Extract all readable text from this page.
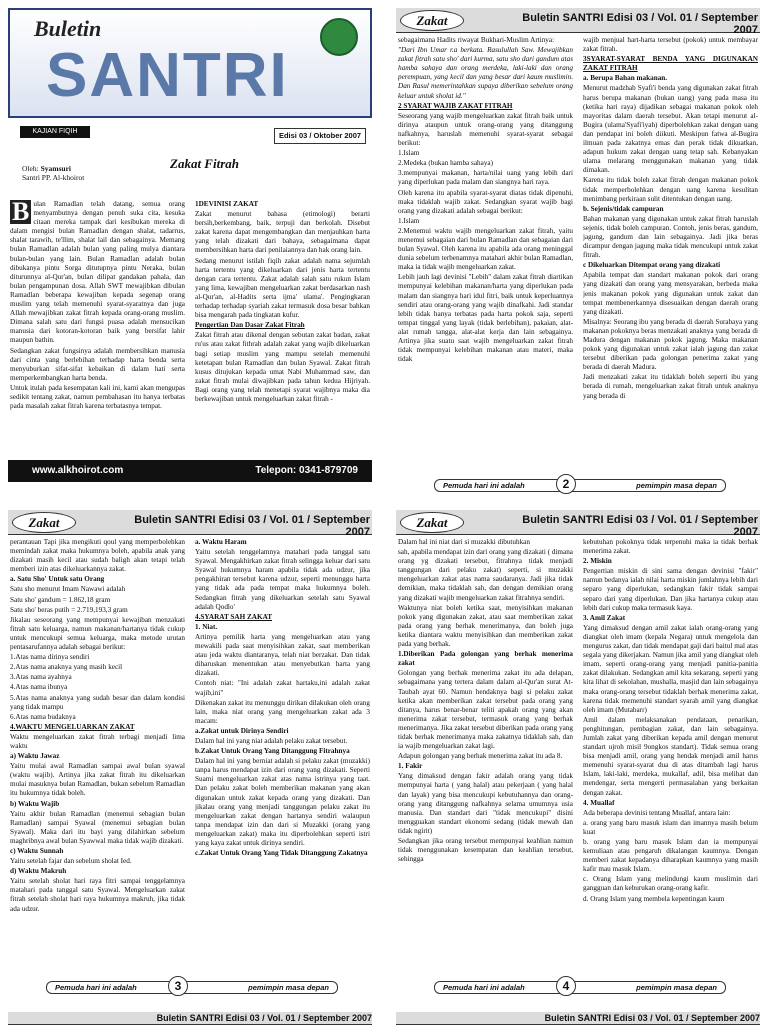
Buletin
SANTRI
KAJIAN FIQIH	Edisi 03 / Oktober 2007
Oleh: Syamsuri
Santri PP. Al-khoirot
Zakat Fitrah

B ulan Ramadlan telah datang, semua orang menyambutnya dengan penuh suka cita, kesuka citaan mereka tampak dari kesibukan mereka di dalam mengisi bulan Ramadlan dengan shalat, tadarrus, shalat tarawih, te'llim, shalat lail dan sebagainya. Memang bulan Ramadlan adalah bulan yang paling mulya diantara bulan-bulan yang lain. Bulan Ramadlan adalah bulan dibukanya pintu Sorga ditutupnya pintu Neraka, bulan diturunnya al-Qur'an, bulan dilipat gandakan pahala, dan bulan pengampunan dosa. Allah SWT mewajibkan dibulan Ramadlan beberapa kewajiban kepada segenap orang muslim yang telah memenuhi syarat-syaratnya dan juga Allah mewajibkan zakat fitrah kepada orang-orang muslim. Dimana salah satu dari fungsi puasa adalah mensucikan manusia dari kotoran-kotoran baik yang bersifat lahir maupun bathin.

Sedangkan zakat fungsinya adalah membersihkan manusia dari cinta yang berlebihan terhadap harta benda serta menyuburkan sifat-sifat kebaikan di dalam hati serta memperkembangkan harta benda.

Untuk itulah pada kesempatan kali ini, kami akan mengupas sedikit tentang zakat, namun pembahasan itu hanya terbatas pada masalah zakat fitrah karena terbatasnya tempat.

1DEVINISI ZAKAT

Zakat menurut bahasa (etimologi) berarti bersih,berkembang, baik, terpuji dan berkolah. Disebut zakat karena dapat mengembangkan dan menjauhkan harta yang telah dizakati dari bahaya, sebagaimana dapat membersihkan harta dari penilaiannya dan hak orang lain.

Sedang menurut istilah fiqih zakat adalah nama sejumlah harta tertentu yang dikeluarkan dari jenis harta tertentu dengan cara tertentu. Zakat adalah salah satu rukun Islam yang lima, kewajiban mengeluarkan zakat berdasarkan nash al-Qur'an, al-Hadits serta ijma' ulama'. Pengingkaran terhadap terhadap syariah zakat termasuk dosa besar bahkan bisa mengarah pada tingkatan kufur.

Pengertian Dan Dasar Zakat Fitrah

Zakat fitrah atau dikenal dengan sebutan zakat badan, zakat ru'us atau zakat fithrah adalah zakat yang wajib dikeluarkan bagi setiap muslim yang mampu setelah memenuhi ketetapan bulan Ramadlan dan bulan Syawal. Zakat fitrah kusus ditujukan kepada umat Nabi Muhammad saw, dan zakat fitrah mulai diwajibkan pada tahun kedua Hijriyah. Bagi orang yang telah menetapi syarat wajibnya maka dia berkewajiban untuk mengeluarkan zakat fitrah -

www.alkhoirot.com	Telepon: 0341-879709
Zakat	Buletin SANTRI Edisi 03 / Vol. 01 / September 2007

sebagaimana Hadits riwayat Bukhari-Muslim Artinya:

"Dari Ibn Umar r.a berkata. Rasulullah Saw. Mewajibkan zakat fitrah satu sho' dari kurma, satu sho dari gandum atas hamba sahaya dan orang merdeka, laki-laki dan orang perempuan, yang kecil dan yang besar dari kaum muslimin. Dan Rasul memerintahkan supaya diberikan sebelum orang keluar untuk sholat id."

2 SYARAT WAJIB ZAKAT FITRAH

Seseorang yang wajib mengeluarkan zakat fitrah baik untuk dirinya ataupun untuk orang-orang yang ditanggung nafkahnya, haruslah memenuhi syarat-syarat sebagai berikut:

1.Islam

2.Medeka (bukan hamba sahaya)

3.mempunyai makanan, harta/nilai uang yang lebih dari yang diperlukan pada malam dan siangnya hari raya.

Oleh karena itu apabila syarat-syarat diatas tidak dipenuhi, maka tidaklah wajib zakat. Sedangkan syarat wajib bagi orang yang dizakati adalah sebagai berikut:

1.Islam

2.Menemui waktu wajib mengeluarkan zakat fitrah, yaitu menemui sebagaian dari bulan Ramadlan dan sebagaian dari bulan Syawal. Oleh karena itu apabila ada orang meninggal dunia sebelum terbenamnya matahari akhir bulan Ramadlan, maka ia tidak wajib mengeluarkan zakat.

Lebih jauh lagi devinisi "Lebih" dalam zakat fitrah diartikan mempunyai kelebihan makanan/harta yang diperlukan pada malam dan siangnya hari idul fitri, baik untuk keperluannya sendiri atau orang-orang yang wajib dinafkahi. Jadi standar lebih tidak hanya terbatas pada harta pokok saja, seperti tempat tinggal yang layak (tidak berlebihan), pakaian, alat-alat rumah tangga, alat-alat kerja dan lain sebagainya. Artinya jika suatu saat wajib mengeluarkan zakat fitrah tidak mempunyai kelebihan makanan atau materi, maka tidak

wajib menjual hart-harta tersebut (pokok) untuk membayar zakat fitrah.

3SYARAT-SYARAT BENDA YANG DIGUNAKAN ZAKAT FITRAH

a. Berupa Bahan makanan.

Menurut madzhab Syafi'i benda yang digunakan zakat fitrah harus berupa makanan (bukan uang) yang pada masa itu (ketika hari raya) dijadikan sebagai makanan pokok oleh mayoritas dalam daerah tersebut. Akan tetapi menurut al-Bugira (ulama'Syafi'iyah) diperbolehkan zakat dengan uang dan pendapat ini boleh diikuti. Meskipun fatwa al-Bugira ilmuan pada zakatnya emas dan perak tidak dikuatkan, adapun hukum zakat dengan uang tetap sah. Kebanyakan ulama melarang menggunakan makanan yang tidak dimakan.

Karena itu tidak boleh zakat fitrah dengan makanan pokok tidak memperbolehkan dengan uang karena kesulitan menimbang perkiraan sulit ditentukan dengan uang.

b. Sejenis/tidak campuran

Bahan makanan yang digunakan untuk zakat fitrah haruslah sejenis, tidak boleh campuran. Contoh, jenis beras, gandum, jagung, gandum dan lain sebagainya. Jadi jika beras dicampur dengan jagung maka tidak mencukupi untuk zakat fitrah.

c Dikeluarkan Ditempat orang yang dizakati

Apabila tempat dan standart makanan pokok dari orang yang dizakati dan orang yang mensyarakan, berbeda maka jenis makanan pokok yang digunakan untuk zakat dan tempat membenerkannya disesuaikan dengan daerah orang yang dizakati.

Misalnya: Seorang ibu yang berada di daerah Surabaya yang makanan pokoknya beras menzakati anaknya yang berada di Madura dengan makanan pokok jagung. Maka makanan pokok yang digunakan untuk zakat ialah jagung dan zakat tersebut diberikan pada golongan penerima zakat yang berada di daerah Madura.

Jadi menzakati zakat itu tidaklah boleh seperti ibu yang berada di rumah, mengeluarkan zakat fitrah untuk anaknya yang berada di

Pemuda hari ini adalah	pemimpin masa depan
2
Zakat	Buletin SANTRI Edisi 03 / Vol. 01 / September 2007

perantauan Tapi jika mengikuti qoul yang memperbolehkan memindah zakat maka hukumnya boleh, apabila anak yang dizakati masih kecil atau sudah baligh akan tetapi telah memberi izin atas dikeluarkannya zakat.

a. Satu Sho' Untuk satu Orang

Satu sho menurut Imam Nawawi adalah

Satu sho' gandum = 1.862,18 gram

Satu sho' beras putih = 2.719,193,3 gram

Jikalau seseorang yang mempunyai kewajiban menzakati fitrah satu keluarga, namun makanan/hartanya tidak cukup untuk mencukupi semua keluarga, maka metode urutan pentasarufannya adalah sebagai berikut:

1.Atas nama dirinya sendiri

2.Atas nama anaknya yang masih kecil

3.Atas nama ayahnya

4.Atas nama ibunya

5.Atas nama anaknya yang sudah besar dan dalam kondisi yang tidak mampu

6.Atas nama budaknya

4.WAKTU MENGELUARKAN ZAKAT

Waktu mengeluarkan zakat fitrah terbagi menjadi lima waktu

a) Waktu Jawaz

Yaitu mulai awal Ramadlan sampai awal bulan syawal (waktu wajib). Artinya jika zakat fitrah itu dikeluarkan mulai masuknya bulan Ramadlan, bukan sebelum Ramadlan itu hukumnya tidak boleh.

b) Waktu Wajib

Yaitu akhir bulan Ramadlan (menemui sebagian bulan Ramadlan) sampai Syawal (menemui sebagian bulan Syawal). Maka dari itu bayi yang dilahirkan sebelum maghribnya awal bulan Syawwal maka tidak wajib dizakati.

c) Waktu Sunnah

Yaitu setelah fajar dan sebelum sholat Ied.

d) Waktu Makruh

Yaitu setelah sholat hari raya fitri sampai tenggelamnya matahari pada tanggal satu Syawal. Mengeluarkan zakat fitrah setelah sholat hari raya hukumnya makruh, jika tidak ada udzur.

a. Waktu Haram

Yaitu setelah tenggelamnya matahari pada tanggal satu Syawal. Mengakhirkan zakat fitrah selingga keluar dari satu Syawal hukumnya haram apabila tidak ada udzur, jika pengakhiran tersebut karena udzur, seperti menunggu harta yang tidak ada pada tempat maka hukumnya boleh. Sedangkan fitrah yang dikeluarkan setelah satu Syawal adalah Qodlo'

4.SYARAT SAH ZAKAT

1. Niat.

Artinya pemilik harta yang mengeluarkan atau yang mewakili pada saat menyisihkan zakat, saat memberikan atau jeda waktu diantaranya, telah niat berzakat. Dan tidak diharuskan menentukan atau menyebutkan harta yang dizakati.

Contoh niat: "Ini adalah zakat hartaku,ini adalah zakat wajib,ini"

Dikenakan zakat itu menunggu dirikan dilakukan oleh orang lain, maka niat orang yang mengeluarkan zakat ada 3 macam:

a.Zakat untuk Dirinya Sendiri

Dalam hal ini yang niat adalah pelaku zakat tersebut.

b.Zakat Untuk Orang Yang Ditanggung Fitrahnya

Dalam hal ini yang berniat adalah si pelaku zakat (muzakki) tanpa harus mendapat izin dari orang yang dizakati. Seperti Suami mengeluarkan zakat atas nama istrinya yang taat. Dan pelaku zakat boleh memberikan makanan yang akan digunakan untuk zakat kepada orang yang dizakati. Dan jikalau orang yang menjadi tanggungan pelaku zakat itu mengeluarkan zakat dengan hartanya sendiri walaupun tanpa mendapat izin dan dari si Muzakki (orang yang mengeluarkan zakat) maka itu diperbolehkan seperti istri yang kaya zakat untuk dirinya sendiri.

c.Zakat Untuk Orang Yang Tidak Ditanggung Zakatnya

Pemuda hari ini adalah	pemimpin masa depan
3
Zakat	Buletin SANTRI Edisi 03 / Vol. 01 / September 2007

Dalam hal ini niat dari si muzakki dibutuhkan

sah, apabila mendapat izin dari orang yang dizakati ( dimana orang yg dizakati tersebut, fitrahnya tidak menjadi tanggungan dari pelaku zakat) seperti, si muzakki mengeluarkan zakat atas nama saudaranya. Jadi jika tidak demikian, maka tidaklah sah, dan dengan demikian orang yang dizakati wajib mengeluarkan zakat fitrahnya sendiri.

Waktunya niat boleh ketika saat, menyisihkan makanan pokok yang digunakan zakat, atau saat memberikan zakat pada orang yang berhak menerimanya, dan boleh juga ketika diantara waktu menyisihkan dan memberikan zakat pada yang berhak.

1.Diberikan Pada golongan yang berhak menerima zakat

Golongan yang berhak menerima zakat itu ada delapan, sebagaimana yang tertera dalam dalam al-Qur'an surat At-Taubah ayat 60. Namun hendaknya bagi si pelaku zakat ketika akan memberikan zakat tersebut pada orang yang ditanya, harus benar-benar teliti apakah orang yang akan menerima zakat tersebut, termasuk orang yang berhak menerimanya. Jika zakat tersebut diberikan pada orang yang tidak berhak menerimanya maka zakatnya tidaklah sah, dan ia wajib mengeluarkan zakat lagi.

Adapun golongan yang berhak menerima zakat itu ada 8.

1. Fakir

Yang dimaksud dengan fakir adalah orang yang tidak mempunyai harta ( yang halal) atau pekerjaan ( yang halal dan layak) yang bisa mencukupi kebutuhannya dan orang-orang yang ditanggung nafkahnya selama umumnya usia manusia. Dan standart dari "tidak mencukupi" disini mengguakan standart ekonomi sedang (tidak mewah dan tidak ngirit)

Sedangkan jika orang tersebut mempunyai keahlian namun tidak menggunakan kesempatan dan keahlian tersebut, sehingga

kebutuhan pokoknya tidak terpenuhi maka ia tidak berhak menerima zakat.

2. Miskin

Pengertian miskin di sini sama dengan devinisi "fakir" namun bedanya ialah nilai harta miskin jumlahnya lebih dari separo yang diperlukan, sedangkan fakir tidak sampai separo dari yang diperlukan. Dan jika hartanya cukup atau lebih dari cukup maka termasuk kaya.

3. Amil Zakat

Yang dimaksud dengan amil zakat ialah orang-orang yang diangkat oleh imam (kepala Negara) untuk mengelola dan mengurus zakat, dan tidak mendapat gaji dari baitul mal atas segala yang dikerjakan. Namun jika amil yang diangkat oleh imam, seperti orang-orang yang menjadi panitia-panitia zakat dilakukan. Sedangkan amil kita sekarang, seperti yang kita lihat di sekolahan, mushalla, masjid dan lain sebagainya maka orang-orang tersebut tidaklah berhak menerima zakat, karena tidak memenuhi standart syarah amil yang diangkat oleh imam (Mutabarr)

Amil dalam melaksanakan pendataan, penarikan, penghitungan, pembagian zakat, dan lain sebagainya. Jumlah zakat yang diberikan kepada amil dengan menurut standart ujroh misil 9ongkos standart). Tidak semua orang bisa menjadi amil, orang yang hendak menjadi amil harus memenuhi syarat-syarat dua di atas ditambah lagi harus Islam, laki-laki, merdeka, mukallaf, adil, bisa melihat dan mendengar, serta mengerti permasalahan yang berkaitan dengan zakat.

4. Muallaf

Ada beberapa devinisi tentang Muallaf, antara lain:

a. orang yang baru masuk islam dan imannya masih belum kuat

b. orang yang baru masuk Islam dan ia mempunyai kemuliaan atau pengaruh dikalangan kaumnya. Dengan memberi zakat kepadanya diharapkan kaumnya yang masih kafir mau masuk Islam.

c. Orang Islam yang melindungi kaum muslimin dari gangguan dan keburukan orang-orang kafir.

d. Orang Islam yang membela kepentingan kaum

Pemuda hari ini adalah	pemimpin masa depan
4
Buletin SANTRI Edisi 03 / Vol. 01 / September 2007	Buletin SANTRI Edisi 03 / Vol. 01 / September 2007
